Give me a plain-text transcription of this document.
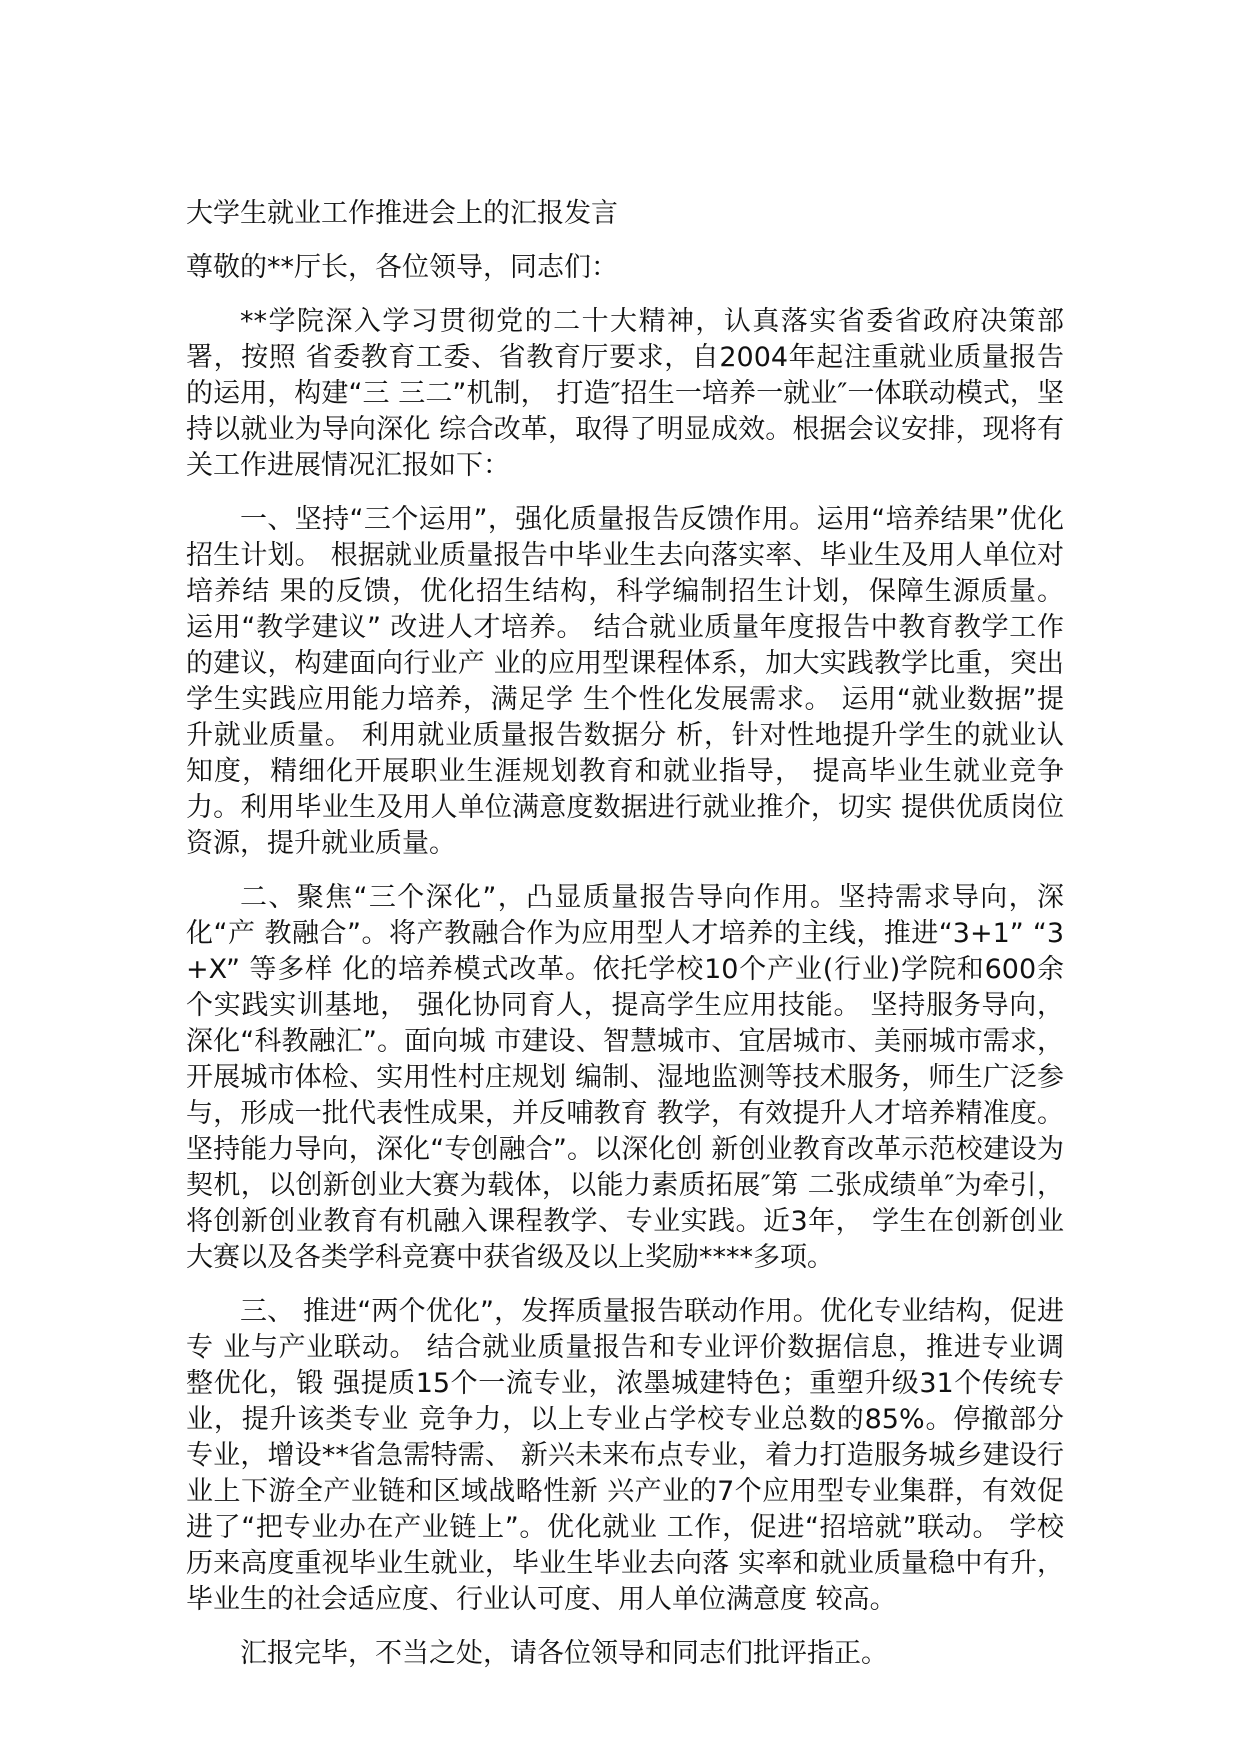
大学生就业工作推进会上的汇报发言
尊敬的**厅长，各位领导，同志们：

**学院深入学习贯彻党的二十大精神，认真落实省委省政府决策部署，按照 省委教育工委、省教育厅要求，自2004年起注重就业质量报告的运用，构建“三 三二”机制， 打造″招生一培养一就业″一体联动模式，坚持以就业为导向深化 综合改革，取得了明显成效。根据会议安排，现将有关工作进展情况汇报如下：

一、坚持“三个运用”，强化质量报告反馈作用。运用“培养结果”优化 招生计划。 根据就业质量报告中毕业生去向落实率、毕业生及用人单位对培养结 果的反馈，优化招生结构，科学编制招生计划，保障生源质量。 运用“教学建议” 改进人才培养。 结合就业质量年度报告中教育教学工作的建议，构建面向行业产 业的应用型课程体系，加大实践教学比重，突出学生实践应用能力培养，满足学 生个性化发展需求。 运用“就业数据”提升就业质量。 利用就业质量报告数据分 析，针对性地提升学生的就业认知度，精细化开展职业生涯规划教育和就业指导， 提高毕业生就业竞争力。利用毕业生及用人单位满意度数据进行就业推介，切实 提供优质岗位资源，提升就业质量。

二、聚焦“三个深化”，凸显质量报告导向作用。坚持需求导向，深化“产 教融合”。将产教融合作为应用型人才培养的主线，推进“3+1” “3+X” 等多样 化的培养模式改革。依托学校10个产业(行业)学院和600余个实践实训基地， 强化协同育人，提高学生应用技能。 坚持服务导向，深化“科教融汇”。面向城 市建设、智慧城市、宜居城市、美丽城市需求，开展城市体检、实用性村庄规划 编制、湿地监测等技术服务，师生广泛参与，形成一批代表性成果，并反哺教育 教学，有效提升人才培养精准度。 坚持能力导向，深化“专创融合”。以深化创 新创业教育改革示范校建设为契机，以创新创业大赛为载体，以能力素质拓展″第 二张成绩单″为牵引，将创新创业教育有机融入课程教学、专业实践。近3年， 学生在创新创业大赛以及各类学科竞赛中获省级及以上奖励****多项。

三、 推进“两个优化”，发挥质量报告联动作用。优化专业结构，促进专 业与产业联动。 结合就业质量报告和专业评价数据信息，推进专业调整优化，锻 强提质15个一流专业，浓墨城建特色；重塑升级31个传统专业，提升该类专业 竞争力，以上专业占学校专业总数的85%。停撤部分专业，增设**省急需特需、 新兴未来布点专业，着力打造服务城乡建设行业上下游全产业链和区域战略性新 兴产业的7个应用型专业集群，有效促进了“把专业办在产业链上”。优化就业 工作，促进“招培就”联动。 学校历来高度重视毕业生就业，毕业生毕业去向落 实率和就业质量稳中有升，毕业生的社会适应度、行业认可度、用人单位满意度 较高。

汇报完毕，不当之处，请各位领导和同志们批评指正。
